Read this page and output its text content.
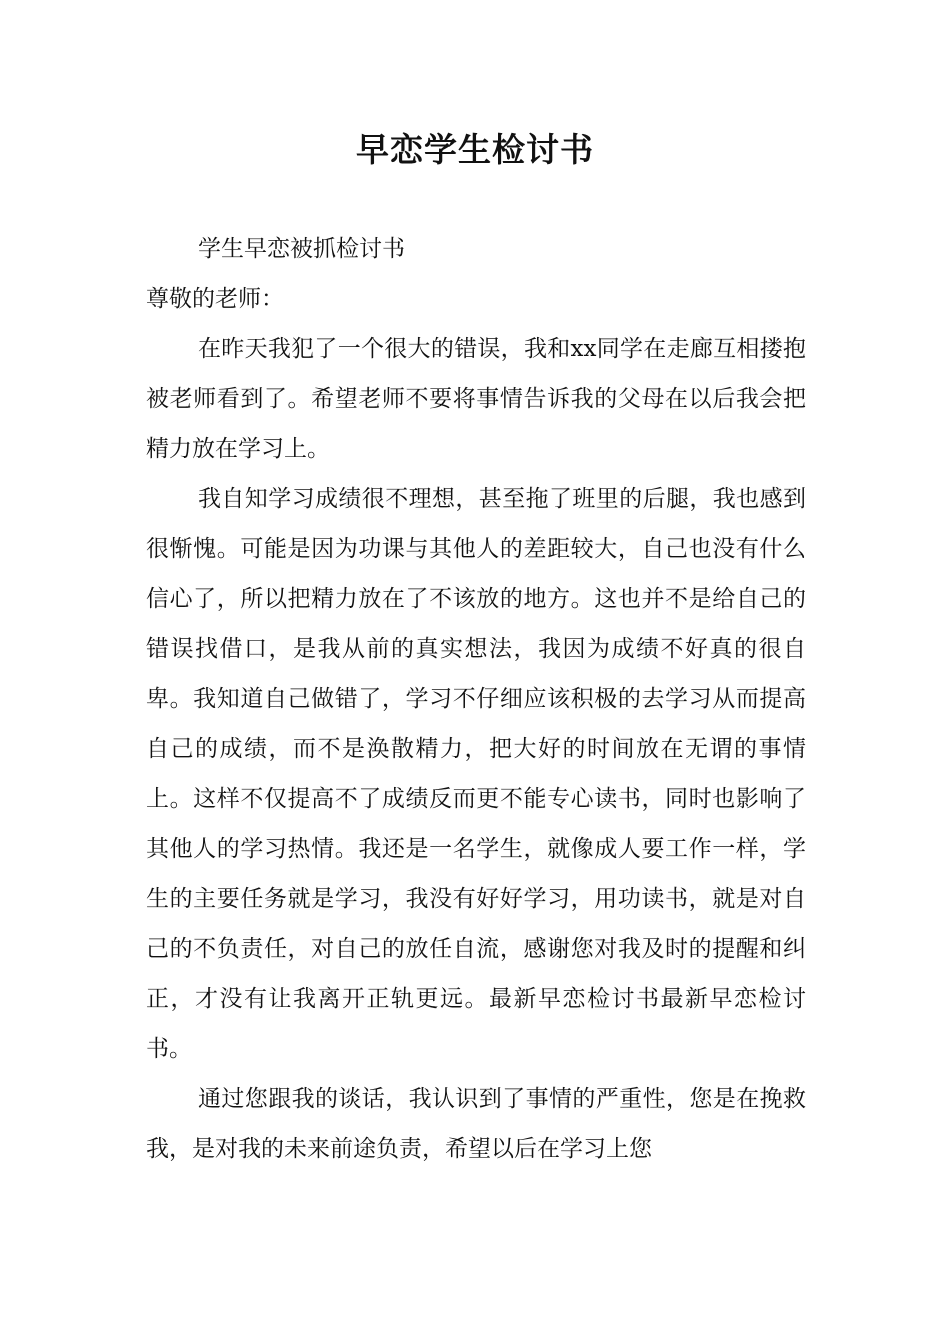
早恋学生检讨书

学生早恋被抓检讨书

尊敬的老师：

在昨天我犯了一个很大的错误，我和xx同学在走廊互相搂抱被老师看到了。希望老师不要将事情告诉我的父母在以后我会把精力放在学习上。

我自知学习成绩很不理想，甚至拖了班里的后腿，我也感到很惭愧。可能是因为功课与其他人的差距较大，自己也没有什么信心了，所以把精力放在了不该放的地方。这也并不是给自己的错误找借口，是我从前的真实想法，我因为成绩不好真的很自卑。我知道自己做错了，学习不仔细应该积极的去学习从而提高自己的成绩，而不是涣散精力，把大好的时间放在无谓的事情上。这样不仅提高不了成绩反而更不能专心读书，同时也影响了其他人的学习热情。我还是一名学生，就像成人要工作一样，学生的主要任务就是学习，我没有好好学习，用功读书，就是对自己的不负责任，对自己的放任自流，感谢您对我及时的提醒和纠正，才没有让我离开正轨更远。最新早恋检讨书最新早恋检讨书。

通过您跟我的谈话，我认识到了事情的严重性，您是在挽救我，是对我的未来前途负责，希望以后在学习上您
